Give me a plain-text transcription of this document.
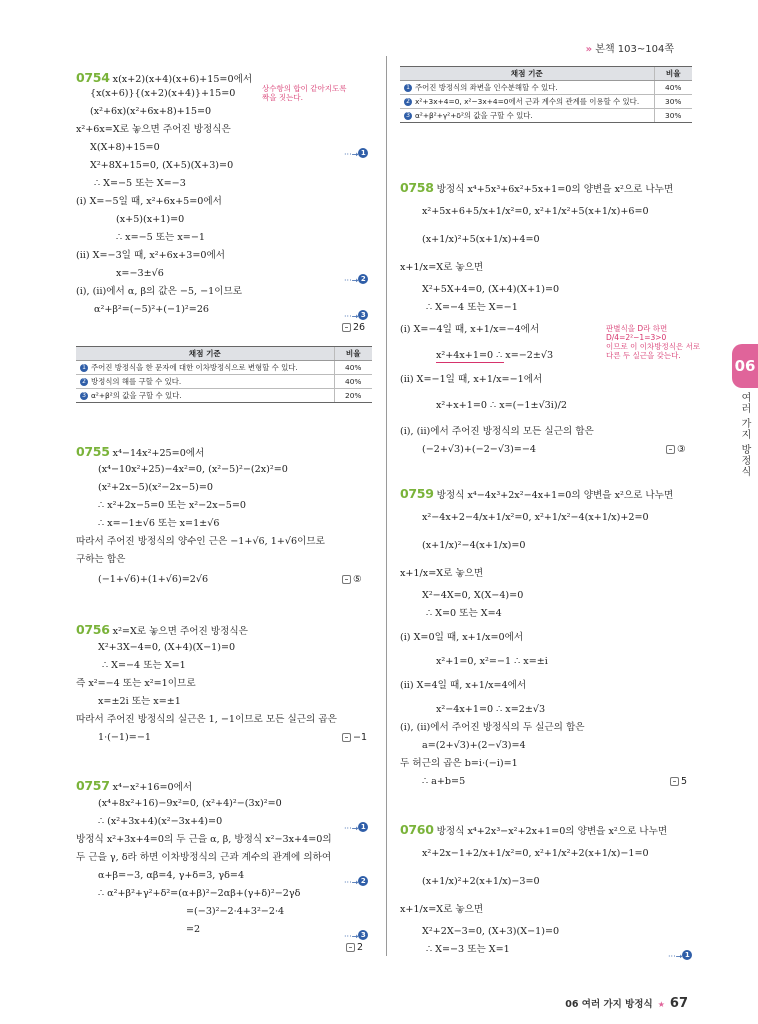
» 본책 103~104쪽
0754 x(x+2)(x+4)(x+6)+15=0에서
{x(x+6)}{(x+2)(x+4)}+15=0	상수항의 합이 같아지도록
짝을 짓는다.
(x²+6x)(x²+6x+8)+15=0
x²+6x=X로 놓으면 주어진 방정식은
X(X+8)+15=0
···→ 1
X²+8X+15=0, (X+5)(X+3)=0
∴ X=−5 또는 X=−3
(i) X=−5일 때, x²+6x+5=0에서
(x+5)(x+1)=0
∴ x=−5 또는 x=−1
(ii) X=−3일 때, x²+6x+3=0에서
x=−3±√6
···→ 2
(i), (ii)에서 α, β의 값은 −5, −1이므로
α²+β²=(−5)²+(−1)²=26
···→ 3
26
채점 기준	비율
1 주어진 방정식을 한 문자에 대한 이차방정식으로 변형할 수 있다.	40%
2 방정식의 해를 구할 수 있다.	40%
3 α²+β²의 값을 구할 수 있다.	20%
0755 x⁴−14x²+25=0에서
(x⁴−10x²+25)−4x²=0, (x²−5)²−(2x)²=0
(x²+2x−5)(x²−2x−5)=0
∴ x²+2x−5=0 또는 x²−2x−5=0
∴ x=−1±√6 또는 x=1±√6
따라서 주어진 방정식의 양수인 근은 −1+√6, 1+√6이므로
구하는 합은
(−1+√6)+(1+√6)=2√6	⑤
0756 x²=X로 놓으면 주어진 방정식은
X²+3X−4=0, (X+4)(X−1)=0
∴ X=−4 또는 X=1
즉 x²=−4 또는 x²=1이므로
x=±2i 또는 x=±1
따라서 주어진 방정식의 실근은 1, −1이므로 모든 실근의 곱은
1·(−1)=−1	−1
0757 x⁴−x²+16=0에서
(x⁴+8x²+16)−9x²=0, (x²+4)²−(3x)²=0
∴ (x²+3x+4)(x²−3x+4)=0
···→ 1
방정식 x²+3x+4=0의 두 근을 α, β, 방정식 x²−3x+4=0의
두 근을 γ, δ라 하면 이차방정식의 근과 계수의 관계에 의하여
α+β=−3, αβ=4, γ+δ=3, γδ=4
···→ 2
∴ α²+β²+γ²+δ²=(α+β)²−2αβ+(γ+δ)²−2γδ
=(−3)²−2·4+3²−2·4
=2
···→ 3
2
채점 기준	비율
1 주어진 방정식의 좌변을 인수분해할 수 있다.	40%
2 x²+3x+4=0, x²−3x+4=0에서 근과 계수의 관계를 이용할 수 있다.	30%
3 α²+β²+γ²+δ²의 값을 구할 수 있다.	30%
0758 방정식 x⁴+5x³+6x²+5x+1=0의 양변을 x²으로 나누면
x²+5x+6+5/x+1/x²=0, x²+1/x²+5(x+1/x)+6=0
(x+1/x)²+5(x+1/x)+4=0
x+1/x=X로 놓으면
X²+5X+4=0, (X+4)(X+1)=0
∴ X=−4 또는 X=−1
(i) X=−4일 때, x+1/x=−4에서
x²+4x+1=0 ∴ x=−2±√3
판별식을 D라 하면
D/4=2²−1=3>0
이므로 이 이차방정식은 서로
다른 두 실근을 갖는다.
(ii) X=−1일 때, x+1/x=−1에서
x²+x+1=0 ∴ x=(−1±√3i)/2
(i), (ii)에서 주어진 방정식의 모든 실근의 합은
(−2+√3)+(−2−√3)=−4	③
0759 방정식 x⁴−4x³+2x²−4x+1=0의 양변을 x²으로 나누면
x²−4x+2−4/x+1/x²=0, x²+1/x²−4(x+1/x)+2=0
(x+1/x)²−4(x+1/x)=0
x+1/x=X로 놓으면
X²−4X=0, X(X−4)=0
∴ X=0 또는 X=4
(i) X=0일 때, x+1/x=0에서
x²+1=0, x²=−1 ∴ x=±i
(ii) X=4일 때, x+1/x=4에서
x²−4x+1=0 ∴ x=2±√3
(i), (ii)에서 주어진 방정식의 두 실근의 합은
a=(2+√3)+(2−√3)=4
두 허근의 곱은 b=i·(−i)=1
∴ a+b=5	5
0760 방정식 x⁴+2x³−x²+2x+1=0의 양변을 x²으로 나누면
x²+2x−1+2/x+1/x²=0, x²+1/x²+2(x+1/x)−1=0
(x+1/x)²+2(x+1/x)−3=0
x+1/x=X로 놓으면
X²+2X−3=0, (X+3)(X−1)=0
∴ X=−3 또는 X=1
···→ 1
06
여러 가지 방정식
06 여러 가지 방정식 ★ 67
